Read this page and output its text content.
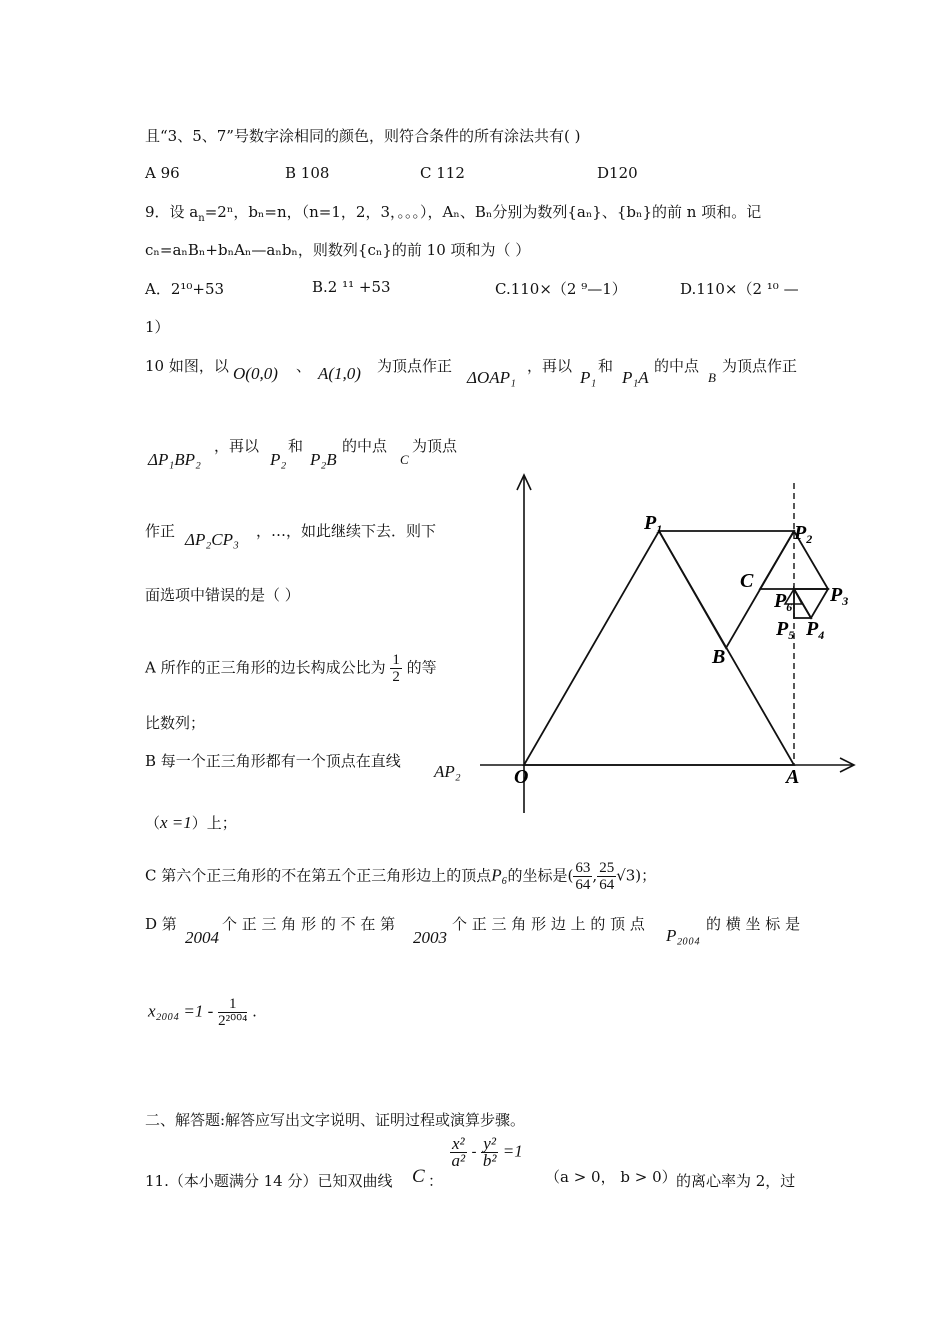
且“3、5、7”号数字涂相同的颜色，则符合条件的所有涂法共有( )
A 96	B 108	C 112	D120
9．设 $a_n=2^n$，bₙ=n，（n=1，2，3，。。。），Aₙ、Bₙ分别为数列{aₙ}、{bₙ}的前 n 项和。记
cₙ=aₙBₙ+bₙAₙ—aₙbₙ，则数列{cₙ}的前 10 项和为（ ）
A．2¹⁰+53	B.2 ¹¹ +53	C.110×（2 ⁹—1）	D.110×（2 ¹⁰ —
1）
10 如图，以 O(0,0) 、 A(1,0) 为顶点作正
ΔOAP₁
，再以
P₁
和
P₁A
的中点
B
为顶点作正
ΔP₁BP₂
，再以 和	的中点 为顶点
P₂ P₂B	C
作正 ΔP₂CP₃ ，…，如此继续下去．则下
面选项中错误的是（ ）
A 所作的正三角形的边长构成公比为 $\frac{1}{2}$ 的等
比数列；
B 每一个正三角形都有一个顶点在直线
AP₂
（x =1）上；
C 第六个正三角形的不在第五个正三角形边上的顶点P₆的坐标是( $\frac{63}{64}$ , $\frac{25}{64} √3$)；
D 第
2004
个 正 三 角 形 的 不 在 第
2003
个 正 三 角 形 边 上 的 顶 点
P₂₀₀₄
的 横 坐 标 是
$x_{2004} =1 - \frac{1}{\text{2²⁰⁰⁴}}$ .
O	A
$P_1$	$P_2$
C
$P_3$
$P_6$
$P_5$ $P_4$
B
二、解答题:解答应写出文字说明、证明过程或演算步骤。
11.（本小题满分 14 分）已知双曲线 C ：
$\frac{\text{x²}}{\text{a²}} - \frac{\text{y²}}{\text{b²}} =1$
（a > 0， b > 0） 的离心率为 2，过
